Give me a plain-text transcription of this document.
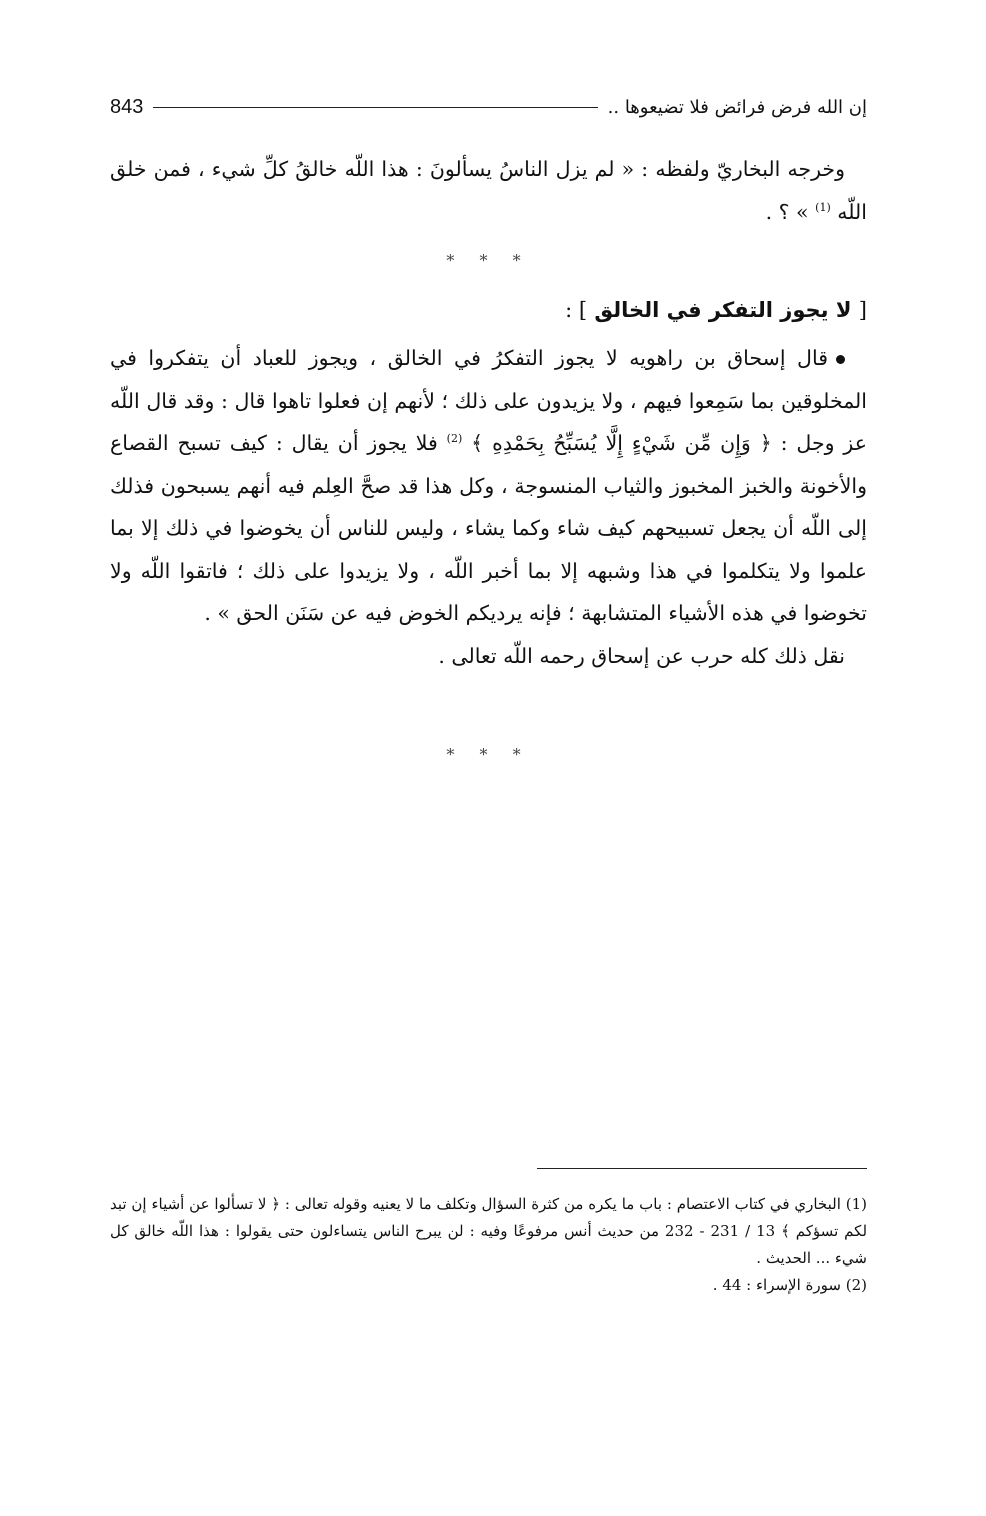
إن الله فرض فرائض فلا تضيعوها ..
843

وخرجه البخاريّ ولفظه : « لم يزل الناسُ يسألونَ : هذا اللّه خالقُ كلِّ شيء ، فمن خلق اللّه $^{(1)}$ » ؟ .

* * *
[ لا يجوز التفكر في الخالق ] :

قال إسحاق بن راهويه لا يجوز التفكرُ في الخالق ، ويجوز للعباد أن يتفكروا في المخلوقين بما سَمِعوا فيهم ، ولا يزيدون على ذلك ؛ لأنهم إن فعلوا تاهوا قال : وقد قال اللّه عز وجل : ﴿ وَإِن مِّن شَيْءٍ إِلَّا يُسَبِّحُ بِحَمْدِهِ ﴾ $^{(2)}$ فلا يجوز أن يقال : كيف تسبح القصاع والأخونة والخبز المخبوز والثياب المنسوجة ، وكل هذا قد صحَّ العِلم فيه أنهم يسبحون فذلك إلى اللّه أن يجعل تسبيحهم كيف شاء وكما يشاء ، وليس للناس أن يخوضوا في ذلك إلا بما علموا ولا يتكلموا في هذا وشبهه إلا بما أخبر اللّه ، ولا يزيدوا على ذلك ؛ فاتقوا اللّه ولا تخوضوا في هذه الأشياء المتشابهة ؛ فإنه يرديكم الخوض فيه عن سَنَن الحق » .

نقل ذلك كله حرب عن إسحاق رحمه اللّه تعالى .

* * *

(1) البخاري في كتاب الاعتصام : باب ما يكره من كثرة السؤال وتكلف ما لا يعنيه وقوله تعالى : ﴿ لا تسألوا عن أشياء إن تبد لكم تسؤكم ﴾ 13 / 231 - 232 من حديث أنس مرفوعًا وفيه : لن يبرح الناس يتساءلون حتى يقولوا : هذا اللّه خالق كل شيء ... الحديث .

(2) سورة الإسراء : 44 .
